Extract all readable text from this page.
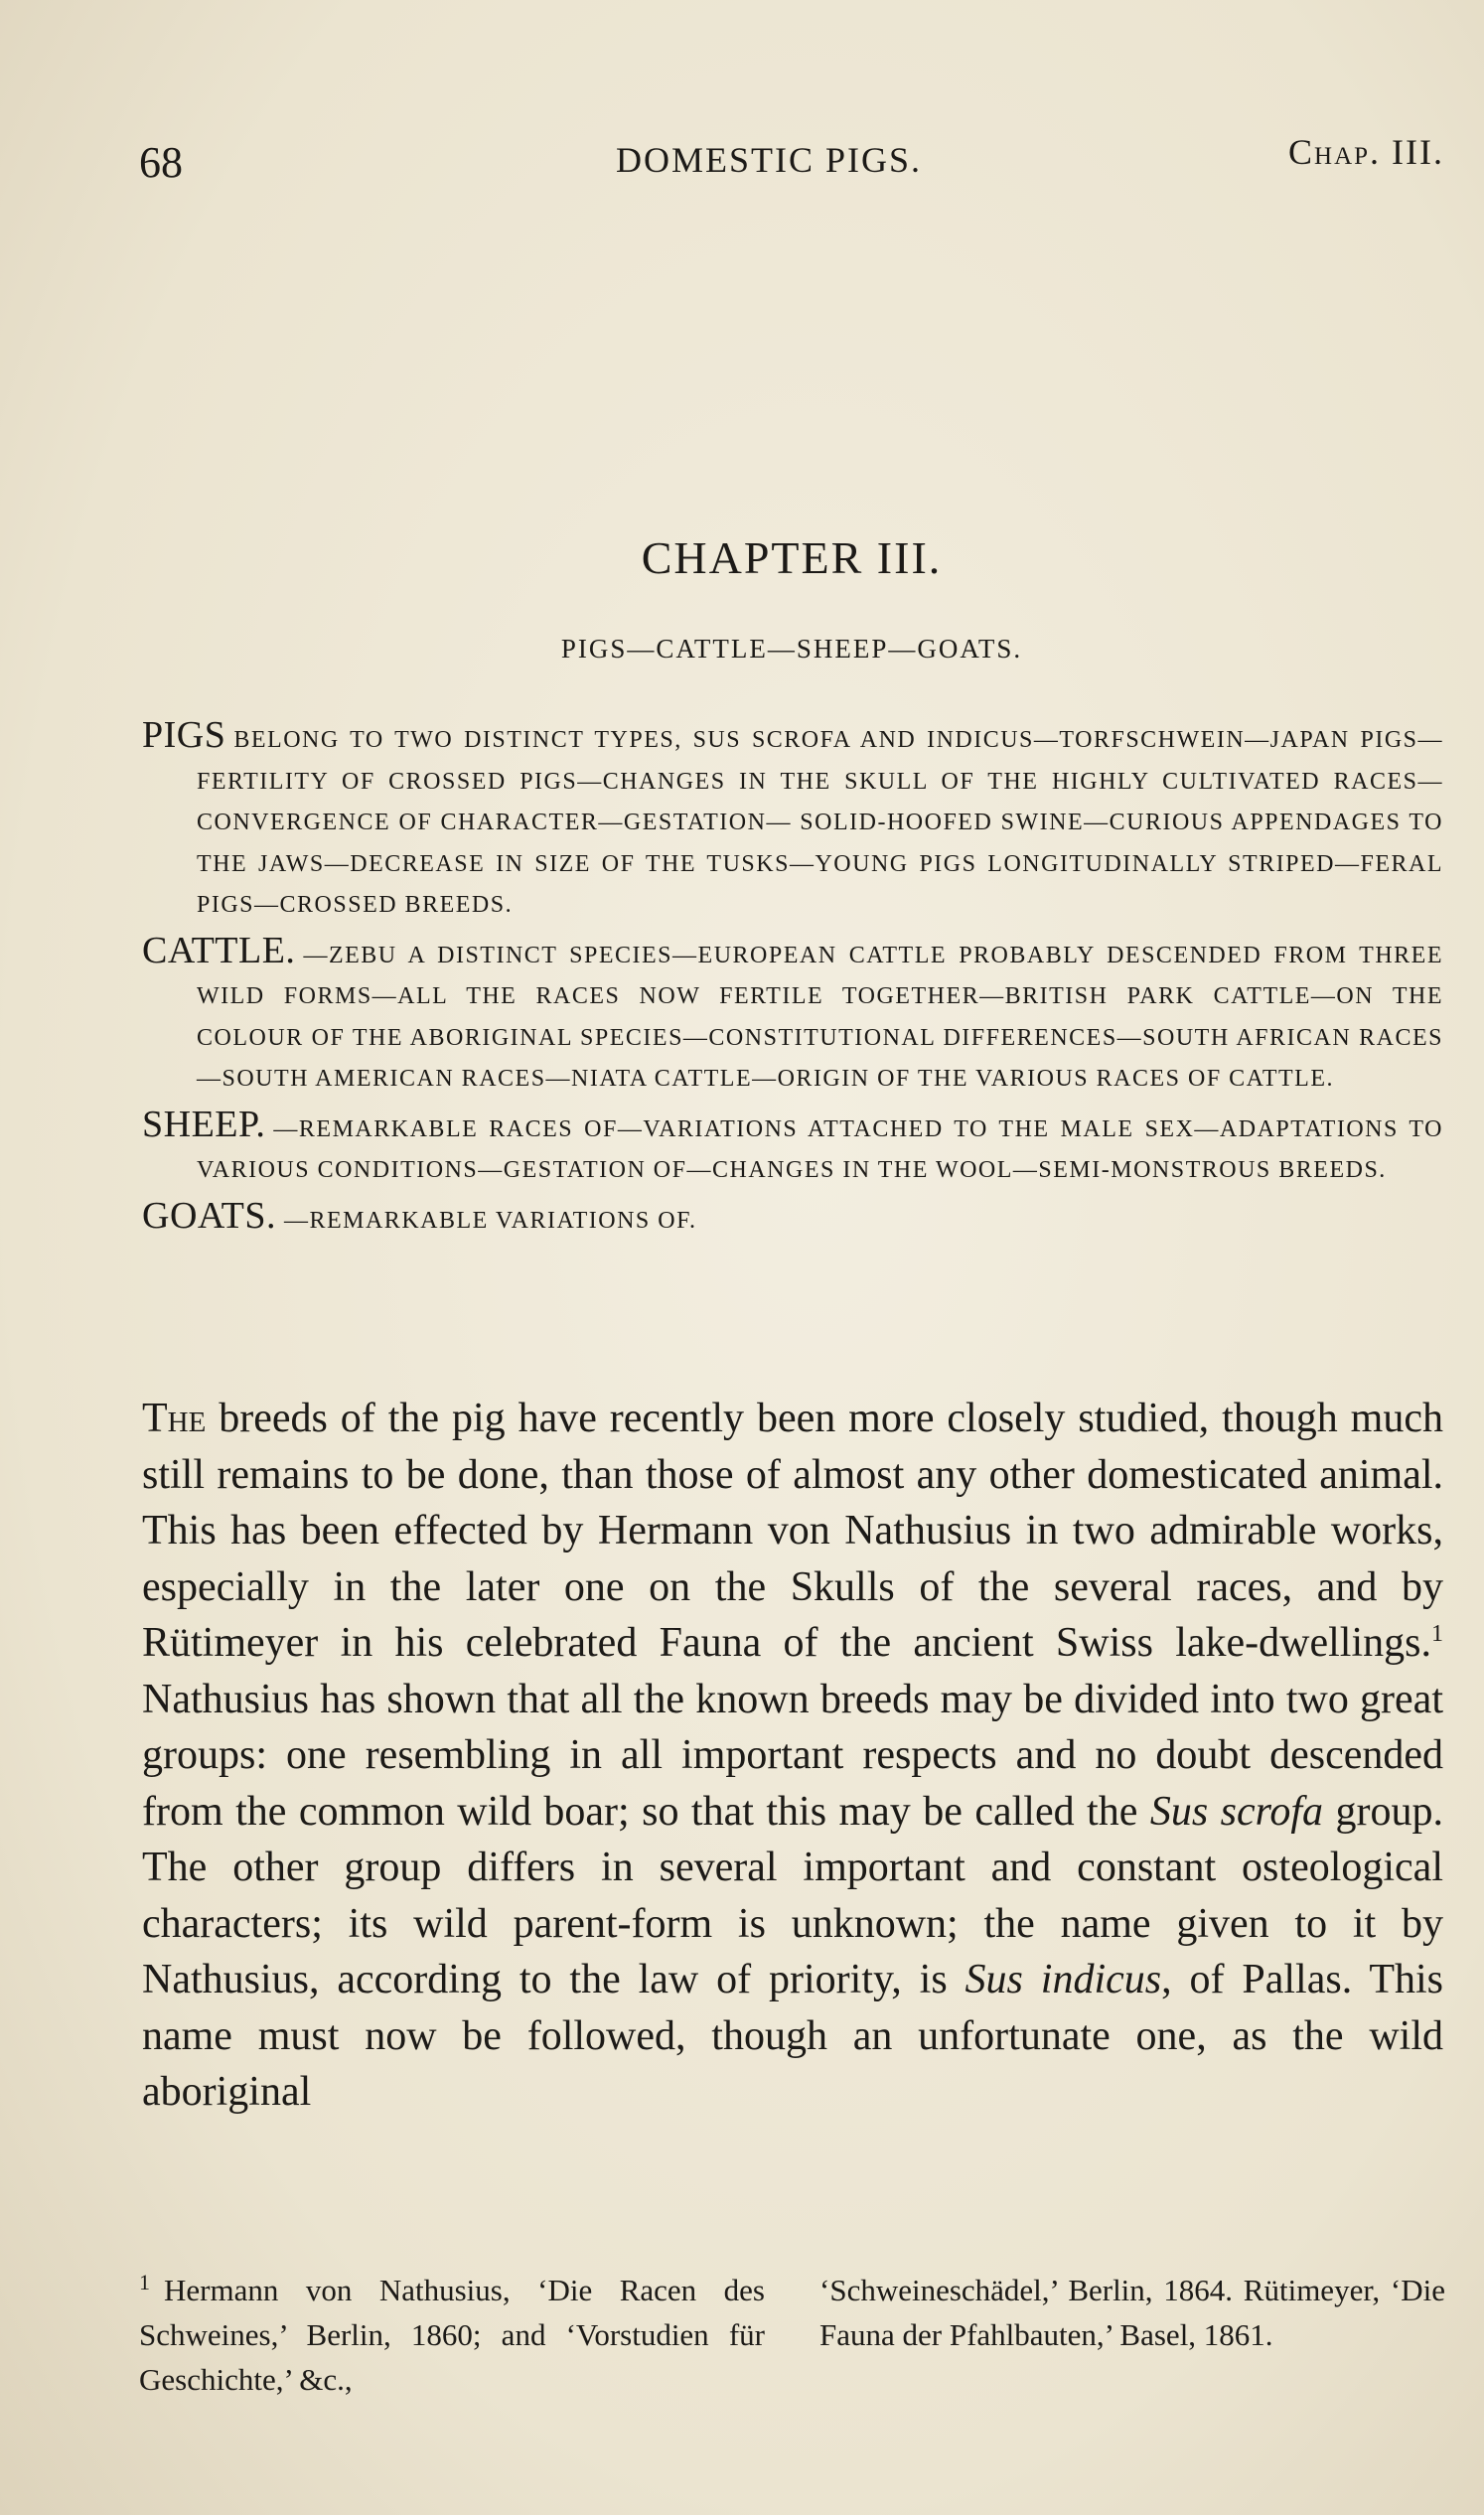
68	DOMESTIC PIGS.	Chap. III.
CHAPTER III.
PIGS—CATTLE—SHEEP—GOATS.
PIGS BELONG TO TWO DISTINCT TYPES, SUS SCROFA AND INDICUS—TORFSCHWEIN—JAPAN PIGS—FERTILITY OF CROSSED PIGS—CHANGES IN THE SKULL OF THE HIGHLY CULTIVATED RACES—CONVERGENCE OF CHARACTER—GESTATION— SOLID-HOOFED SWINE—CURIOUS APPENDAGES TO THE JAWS—DECREASE IN SIZE OF THE TUSKS—YOUNG PIGS LONGITUDINALLY STRIPED—FERAL PIGS—CROSSED BREEDS.
CATTLE. —ZEBU A DISTINCT SPECIES—EUROPEAN CATTLE PROBABLY DESCENDED FROM THREE WILD FORMS—ALL THE RACES NOW FERTILE TOGETHER—BRITISH PARK CATTLE—ON THE COLOUR OF THE ABORIGINAL SPECIES—CONSTITUTIONAL DIFFERENCES—SOUTH AFRICAN RACES—SOUTH AMERICAN RACES—NIATA CATTLE—ORIGIN OF THE VARIOUS RACES OF CATTLE.
SHEEP. —REMARKABLE RACES OF—VARIATIONS ATTACHED TO THE MALE SEX—ADAPTATIONS TO VARIOUS CONDITIONS—GESTATION OF—CHANGES IN THE WOOL—SEMI-MONSTROUS BREEDS.
GOATS. —REMARKABLE VARIATIONS OF.

The breeds of the pig have recently been more closely studied, though much still remains to be done, than those of almost any other domesticated animal. This has been effected by Hermann von Nathusius in two admirable works, especially in the later one on the Skulls of the several races, and by Rütimeyer in his celebrated Fauna of the ancient Swiss lake-dwellings.$^1$ Nathusius has shown that all the known breeds may be divided into two great groups: one resembling in all important respects and no doubt descended from the common wild boar; so that this may be called the Sus scrofa group. The other group differs in several important and constant osteological characters; its wild parent-form is unknown; the name given to it by Nathusius, according to the law of priority, is Sus indicus, of Pallas. This name must now be followed, though an unfortunate one, as the wild aboriginal

$^1$ Hermann von Nathusius, ‘Die Racen des Schweines,’ Berlin, 1860; and ‘Vorstudien für Geschichte,’ &c.,
‘Schweineschädel,’ Berlin, 1864. Rütimeyer, ‘Die Fauna der Pfahlbauten,’ Basel, 1861.
